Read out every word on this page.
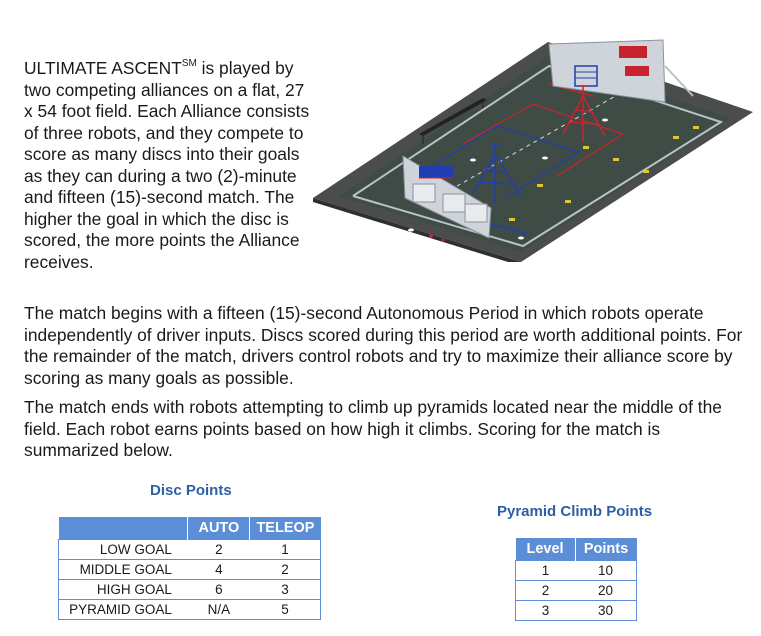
ULTIMATE ASCENT℠ is played by two competing alliances on a flat, 27 x 54 foot field. Each Alliance consists of three robots, and they compete to score as many discs into their goals as they can during a two (2)-minute and fifteen (15)-second match. The higher the goal in which the disc is scored, the more points the Alliance receives.

The match begins with a fifteen (15)-second Autonomous Period in which robots operate independently of driver inputs. Discs scored during this period are worth additional points. For the remainder of the match, drivers control robots and try to maximize their alliance score by scoring as many goals as possible.

The match ends with robots attempting to climb up pyramids located near the middle of the field. Each robot earns points based on how high it climbs. Scoring for the match is summarized below.

Disc Points

	AUTO	TELEOP
LOW GOAL	2	1
MIDDLE GOAL	4	2
HIGH GOAL	6	3
PYRAMID GOAL	N/A	5

Pyramid Climb Points

Level	Points
1	10
2	20
3	30
